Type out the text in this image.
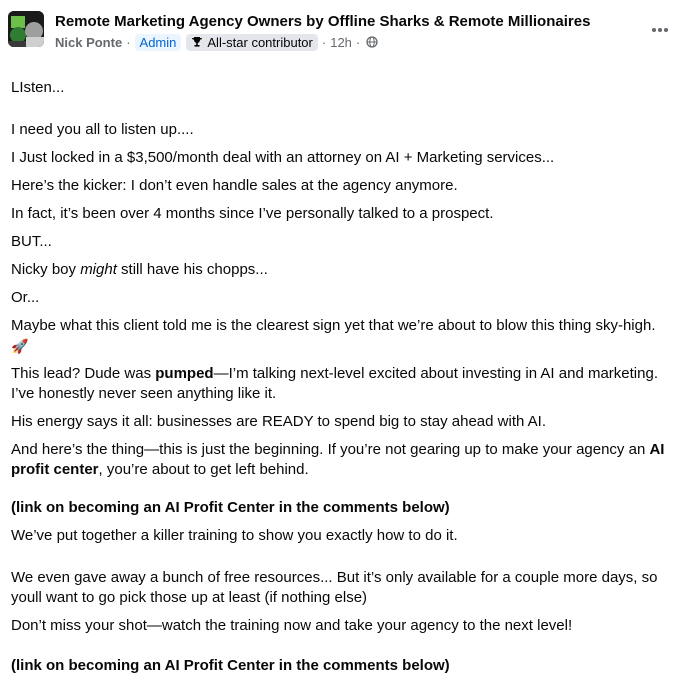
Remote Marketing Agency Owners by Offline Sharks & Remote Millionaires
Nick Ponte · Admin	All-star contributor · 12h ·
LIsten...
I need you all to listen up....
I Just locked in a $3,500/month deal with an attorney on AI + Marketing services...
Here’s the kicker: I don’t even handle sales at the agency anymore.
In fact, it’s been over 4 months since I’ve personally talked to a prospect.
BUT...
Nicky boy might still have his chopps...
Or...
Maybe what this client told me is the clearest sign yet that we’re about to blow this thing sky-high.
🚀
This lead? Dude was pumped—I’m talking next-level excited about investing in AI and marketing. I’ve honestly never seen anything like it.
His energy says it all: businesses are READY to spend big to stay ahead with AI.
And here’s the thing—this is just the beginning. If you’re not gearing up to make your agency an AI profit center, you’re about to get left behind.
(link on becoming an AI Profit Center in the comments below)
We’ve put together a killer training to show you exactly how to do it.
We even gave away a bunch of free resources... But it’s only available for a couple more days, so youll want to go pick those up at least (if nothing else)
Don’t miss your shot—watch the training now and take your agency to the next level!
(link on becoming an AI Profit Center in the comments below)
